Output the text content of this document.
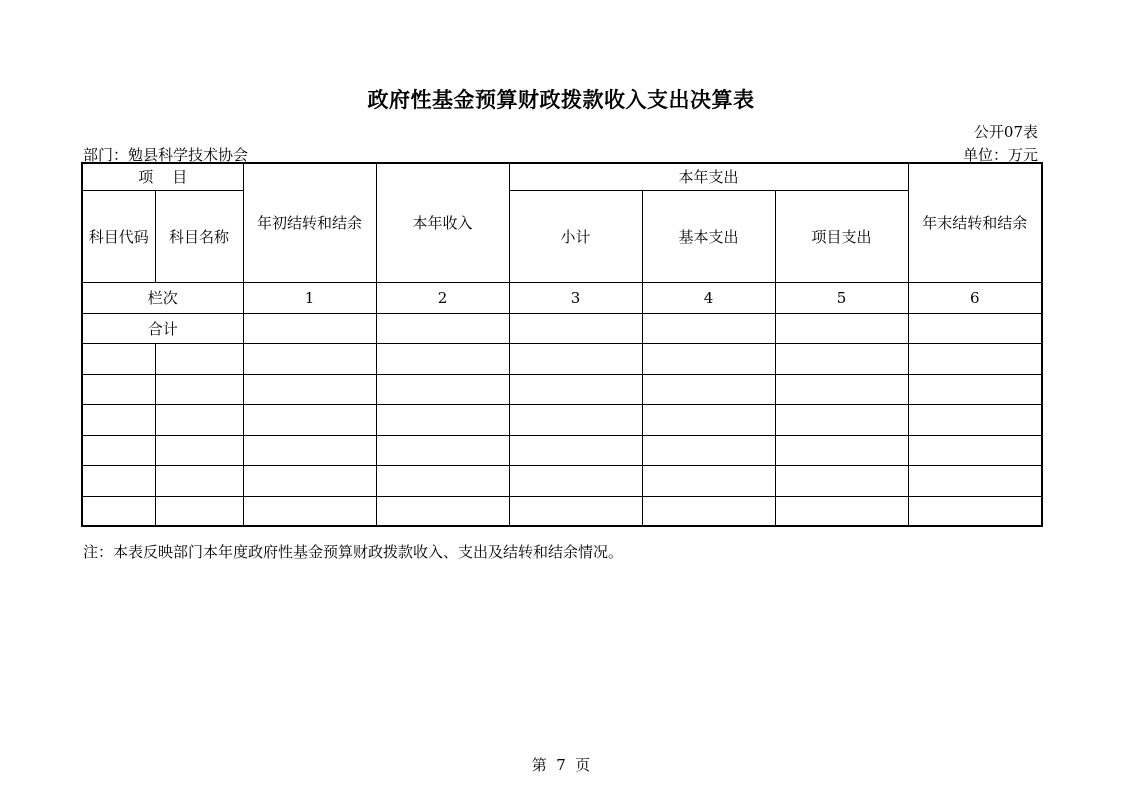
政府性基金预算财政拨款收入支出决算表
公开07表
部门：勉县科学技术协会	单位：万元
项    目		年初结转和结余	本年收入	本年支出			年末结转和结余
科目代码	科目名称			小计	基本支出	项目支出	
栏次		1	2	3	4	5	6
合计							

注：本表反映部门本年度政府性基金预算财政拨款收入、支出及结转和结余情况。
第  7  页
